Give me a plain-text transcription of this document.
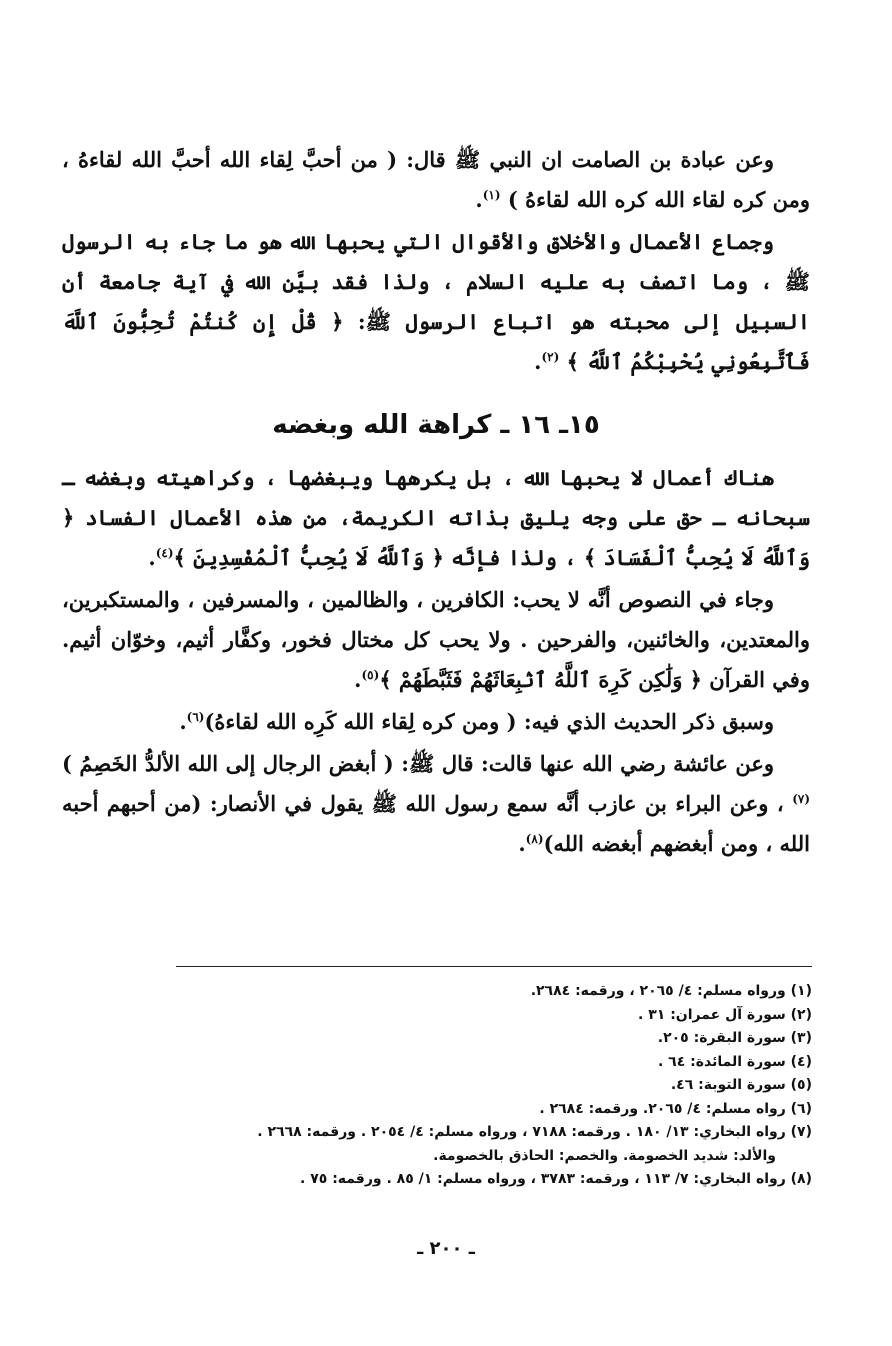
وعن عبادة بن الصامت ان النبي ﷺ قال: ( من أحبَّ لِقاء الله أحبَّ الله لقاءهُ ، ومن كره لقاء الله كره الله لقاءهُ ) $^{(١)}$.

وجماع الأعمال والأخلاق والأقوال التي يحبها الله هو ما جاء به الرسول ﷺ ، وما اتصف به عليه السلام ، ولذا فقد بيَّن الله في آية جامعة أن السبيل إلى محبته هو اتباع الرسول ﷺ: ﴿ قُلْ إِن كُنتُمْ تُحِبُّونَ ٱللَّهَ فَٱتَّبِعُونِي يُحْبِبْكُمُ ٱللَّهُ ﴾ $^{(٢)}$.

١٥ـ ١٦ ـ كراهة الله وبغضه

هناك أعمال لا يحبها الله ، بل يكرهها ويبغضها ، وكراهيته وبغضه ـ سبحانه ـ حق على وجه يليق بذاته الكريمة، من هذه الأعمال الفساد ﴿ وَٱللَّهُ لَا يُحِبُّ ٱلْفَسَادَ ﴾ ، ولذا فإنَّه ﴿ وَٱللَّهُ لَا يُحِبُّ ٱلْمُفْسِدِينَ ﴾$^{(٤)}$.

وجاء في النصوص أنَّه لا يحب: الكافرين ، والظالمين ، والمسرفين ، والمستكبرين، والمعتدين، والخائنين، والفرحين . ولا يحب كل مختال فخور، وكفَّار أثيم، وخوّان أثيم. وفي القرآن ﴿ وَلَٰكِن كَرِهَ ٱللَّهُ ٱنۢبِعَاثَهُمْ فَثَبَّطَهُمْ ﴾$^{(٥)}$.

وسبق ذكر الحديث الذي فيه: ( ومن كره لِقاء الله كَرِه الله لقاءهُ)$^{(٦)}$.

وعن عائشة رضي الله عنها قالت: قال ﷺ: ( أبغض الرجال إلى الله الألدُّ الخَصِمُ )$^{(٧)}$ ، وعن البراء بن عازب أنَّه سمع رسول الله ﷺ يقول في الأنصار: (من أحبهم أحبه الله ، ومن أبغضهم أبغضه الله)$^{(٨)}$.

(١) ورواه مسلم: ٤/ ٢٠٦٥ ، ورقمه: ٢٦٨٤.
(٢) سورة آل عمران: ٣١ .
(٣) سورة البقرة: ٢٠٥.
(٤) سورة المائدة: ٦٤ .
(٥) سورة التوبة: ٤٦.
(٦) رواه مسلم: ٤/ ٢٠٦٥. ورقمه: ٢٦٨٤ .
(٧) رواه البخاري: ١٣/ ١٨٠ . ورقمه: ٧١٨٨ ، ورواه مسلم: ٤/ ٢٠٥٤ . ورقمه: ٢٦٦٨ .
والألد: شديد الخصومة. والخصم: الحاذق بالخصومة.
(٨) رواه البخاري: ٧/ ١١٣ ، ورقمه: ٣٧٨٣ ، ورواه مسلم: ١/ ٨٥ . ورقمه: ٧٥ .
ـ ٢٠٠ ـ
